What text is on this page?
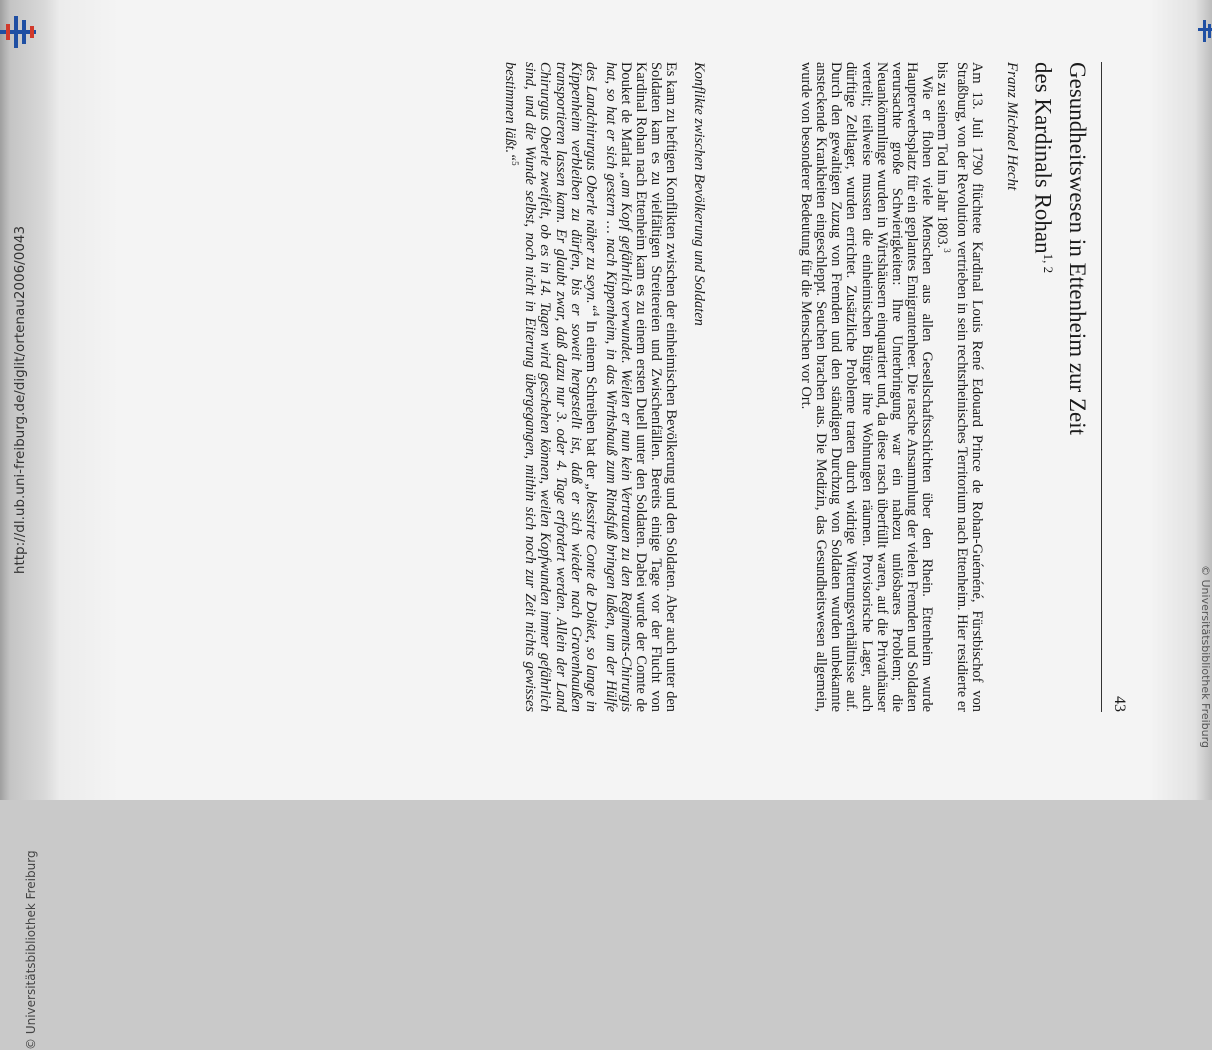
http://dl.ub.uni-freiburg.de/diglit/ortenau2006/0043
© Universitätsbibliothek Freiburg
© Universitätsbibliothek Freiburg
43
Gesundheitswesen in Ettenheim zur Zeit
des Kardinals Rohan$^{1, 2}$
Franz Michael Hecht

Am 13. Juli 1790 flüchtete Kardinal Louis René Edouard Prince de Rohan-Guéméné, Fürstbischof von Straßburg, von der Revolution vertrieben in sein rechtsrheinisches Territorium nach Ettenheim. Hier residierte er bis zu seinem Tod im Jahr 1803.$^3$

Wie er flohen viele Menschen aus allen Gesellschaftsschichten über den Rhein. Ettenheim wurde Haupterwerbsplatz für ein geplantes Emigrantenheer. Die rasche Ansammlung der vielen Fremden und Soldaten verursachte große Schwierigkeiten: Ihre Unterbringung war ein nahezu unlösbares Problem; die Neuankömmlinge wurden in Wirtshäusern einquartiert und, da diese rasch überfüllt waren, auf die Privathäuser verteilt; teilweise mussten die einheimischen Bürger ihre Wohnungen räumen. Provisorische Lager, auch dürftige Zeltlager, wurden errichtet. Zusätzliche Probleme traten durch widrige Witterungsverhältnisse auf. Durch den gewaltigen Zuzug von Fremden und den ständigen Durchzug von Soldaten wurden unbekannte ansteckende Krankheiten eingeschleppt. Seuchen brachen aus. Die Medizin, das Gesundheitswesen allgemein, wurde von besonderer Bedeutung für die Menschen vor Ort.

Konflikte zwischen Bevölkerung und Soldaten

Es kam zu heftigen Konflikten zwischen der einheimischen Bevölkerung und den Soldaten. Aber auch unter den Soldaten kam es zu vielfältigen Streitereien und Zwischenfällen. Bereits einige Tage vor der Flucht von Kardinal Rohan nach Ettenheim kam es zu einem ersten Duell unter den Soldaten. Dabei wurde der Comte de Douket de Marlat „am Kopf gefährlich verwundet. Weilen er nun kein Vertrauen zu den Regiments-Chirurgis hat, so hat er sich gestern … nach Kippenheim, in das Wirthshauß zum Rindsfuß bringen laßen, um der Hülfe des Landchirurgus Oberle näher zu seyn.“$^4$ In einem Schreiben bat der „blessirte Conte de Doiket, so lange in Kippenheim verbleiben zu dürfen, bis er soweit hergestellt ist, daß er sich wieder nach Gravenhaußen transportieren lassen kann. Er glaubt zwar, daß dazu nur 3. oder 4. Tage erfordert werden. Allein der Land Chirurgus Oberle zweifelt, ob es in 14. Tagen wird geschehen können, weilen Kopfwunden immer gefährlich sind, und die Wunde selbst, noch nicht in Eiterung übergegangen, mithin sich noch zur Zeit nichts gewisses bestimmen läßt.“$^5$
